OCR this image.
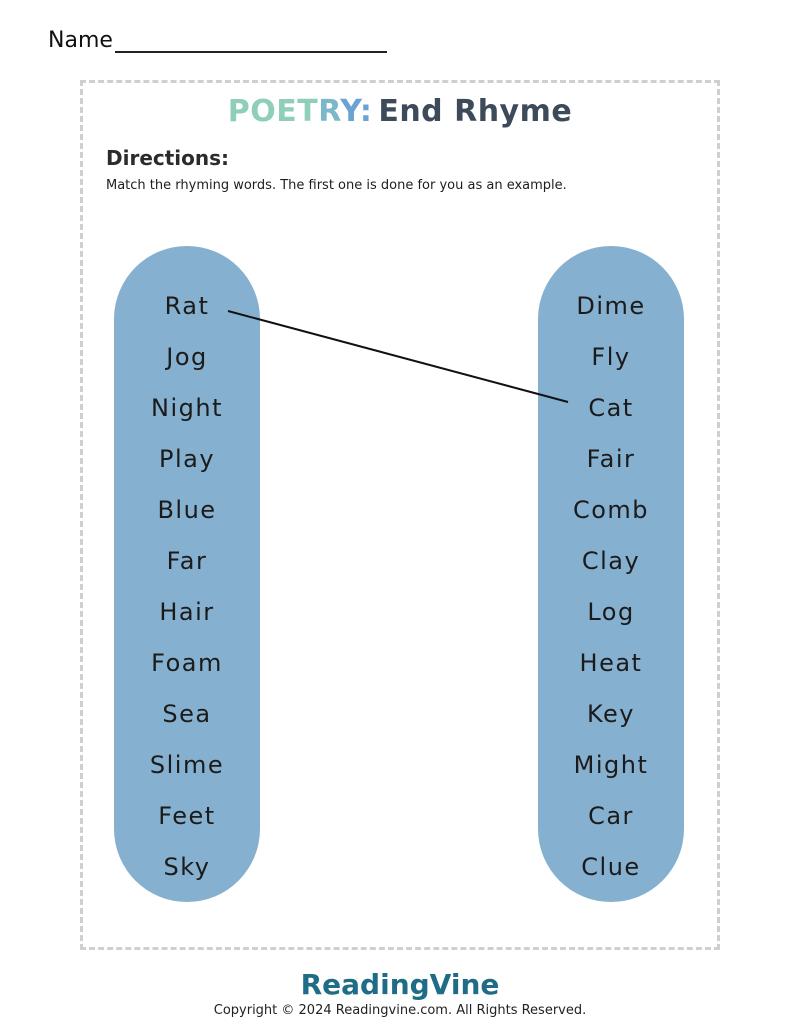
Name
POETRY: End Rhyme
Directions:
Match the rhyming words. The first one is done for you as an example.
Rat
Jog
Night
Play
Blue
Far
Hair
Foam
Sea
Slime
Feet
Sky
Dime
Fly
Cat
Fair
Comb
Clay
Log
Heat
Key
Might
Car
Clue
ReadingVine
Copyright © 2024 Readingvine.com. All Rights Reserved.
